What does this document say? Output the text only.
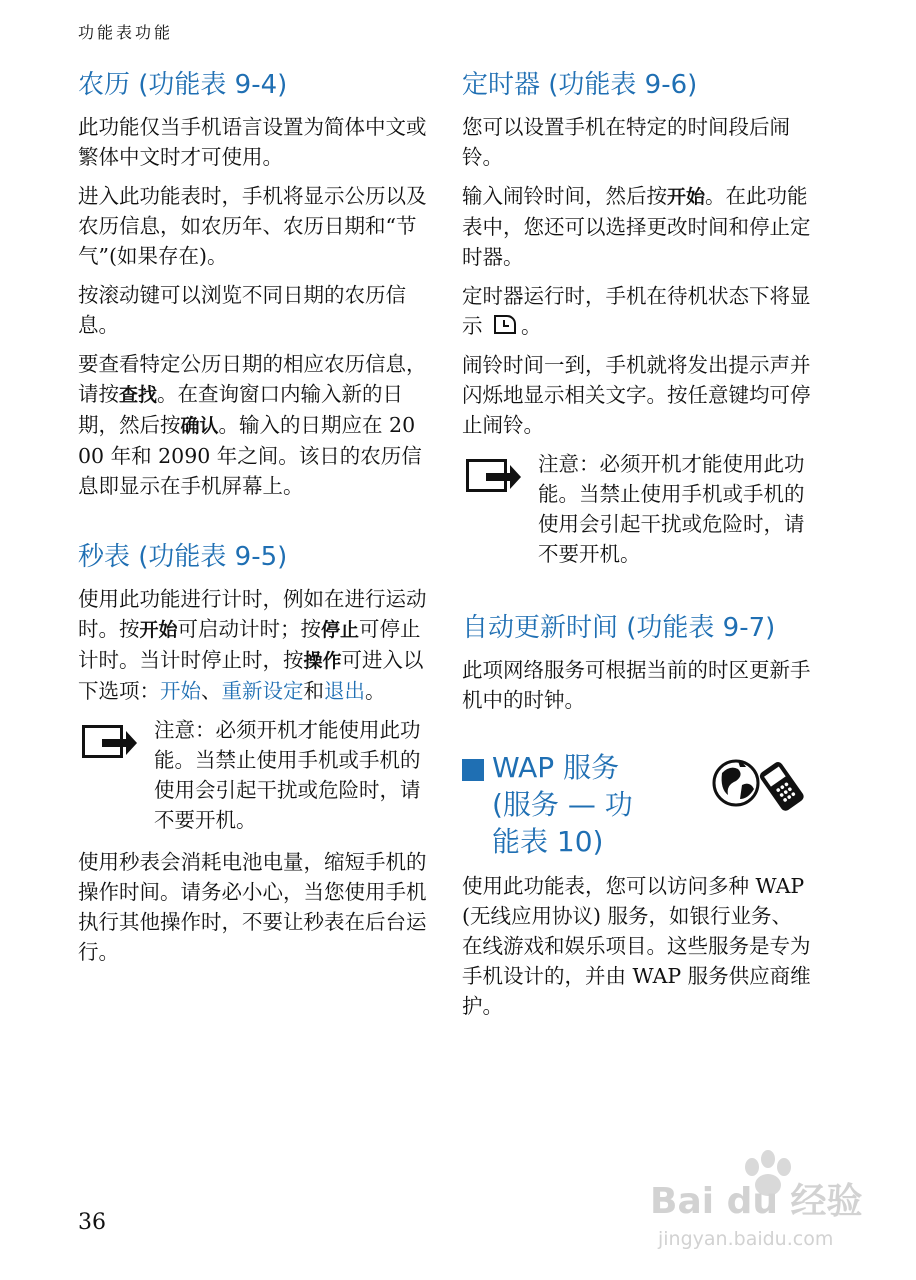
功能表功能
农历 (功能表 9-4)

此功能仅当手机语言设置为简体中文或繁体中文时才可使用。

进入此功能表时，手机将显示公历以及农历信息，如农历年、农历日期和“节气”(如果存在)。

按滚动键可以浏览不同日期的农历信息。

要查看特定公历日期的相应农历信息，请按查找。在查询窗口内输入新的日期，然后按确认。输入的日期应在 2000 年和 2090 年之间。该日的农历信息即显示在手机屏幕上。

秒表 (功能表 9-5)

使用此功能进行计时，例如在进行运动时。按开始可启动计时；按停止可停止计时。当计时停止时，按操作可进入以下选项：开始、重新设定和退出。

注意：必须开机才能使用此功能。当禁止使用手机或手机的使用会引起干扰或危险时，请不要开机。

使用秒表会消耗电池电量，缩短手机的操作时间。请务必小心，当您使用手机执行其他操作时，不要让秒表在后台运行。

定时器 (功能表 9-6)

您可以设置手机在特定的时间段后闹铃。

输入闹铃时间，然后按开始。在此功能表中，您还可以选择更改时间和停止定时器。

定时器运行时，手机在待机状态下将显示 。

闹铃时间一到，手机就将发出提示声并闪烁地显示相关文字。按任意键均可停止闹铃。

注意：必须开机才能使用此功能。当禁止使用手机或手机的使用会引起干扰或危险时，请不要开机。

自动更新时间 (功能表 9-7)

此项网络服务可根据当前的时区更新手机中的时钟。

WAP 服务
(服务 — 功
能表 10)

使用此功能表，您可以访问多种 WAP (无线应用协议) 服务，如银行业务、在线游戏和娱乐项目。这些服务是专为手机设计的，并由 WAP 服务供应商维护。

36
Bai du 经验
jingyan.baidu.com
